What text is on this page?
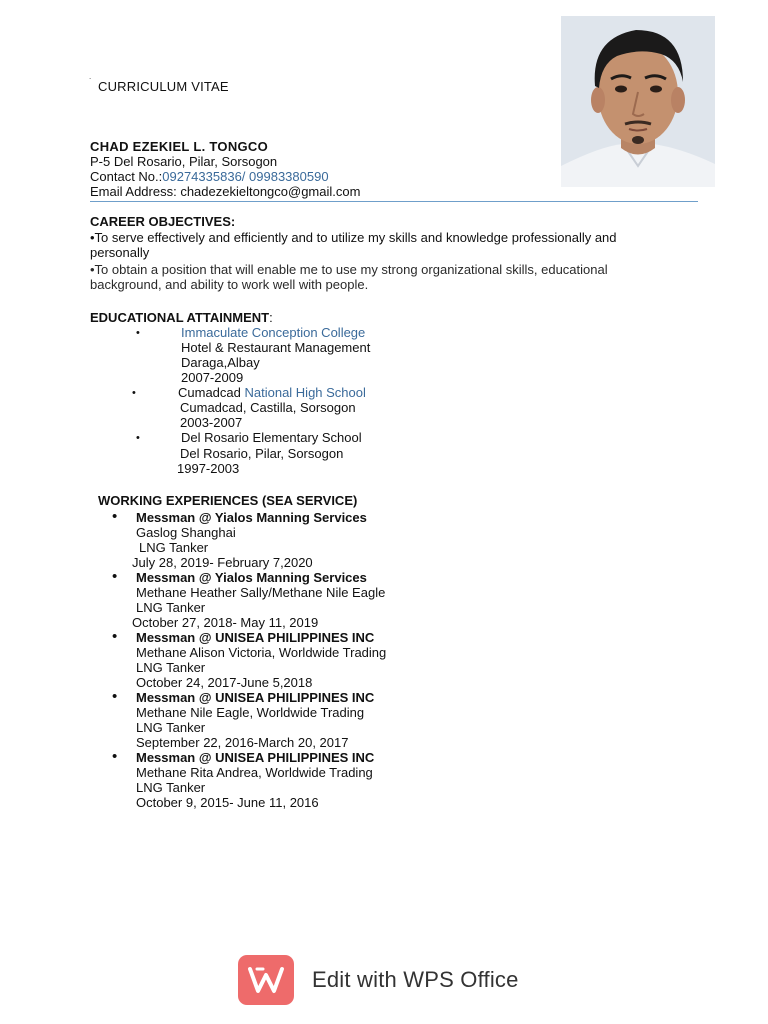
.
CURRICULUM VITAE
CHAD EZEKIEL L. TONGCO
P-5 Del Rosario, Pilar, Sorsogon
Contact No.:09274335836/ 09983380590
Email Address: chadezekieltongco@gmail.com
CAREER OBJECTIVES:
•To serve effectively and efficiently and to utilize my skills and knowledge professionally and personally
•To obtain a position that will enable me to use my strong organizational skills, educational background, and ability to work well with people.
EDUCATIONAL ATTAINMENT:
•	Immaculate Conception College
Hotel & Restaurant Management
Daraga,Albay
2007-2009
•	Cumadcad National High School
Cumadcad, Castilla, Sorsogon
2003-2007
•	Del Rosario Elementary School
Del Rosario, Pilar, Sorsogon
1997-2003
WORKING EXPERIENCES (SEA SERVICE)
• Messman @ Yialos Manning Services
Gaslog Shanghai
LNG Tanker
July 28, 2019- February 7,2020
• Messman @ Yialos Manning Services
Methane Heather Sally/Methane Nile Eagle
LNG Tanker
October 27, 2018- May 11, 2019
• Messman @ UNISEA PHILIPPINES INC
Methane Alison Victoria, Worldwide Trading
LNG Tanker
October 24, 2017-June 5,2018
• Messman @ UNISEA PHILIPPINES INC
Methane Nile Eagle, Worldwide Trading
LNG Tanker
September 22, 2016-March 20, 2017
• Messman @ UNISEA PHILIPPINES INC
Methane Rita Andrea, Worldwide Trading
LNG Tanker
October 9, 2015- June 11, 2016
Edit with WPS Office
